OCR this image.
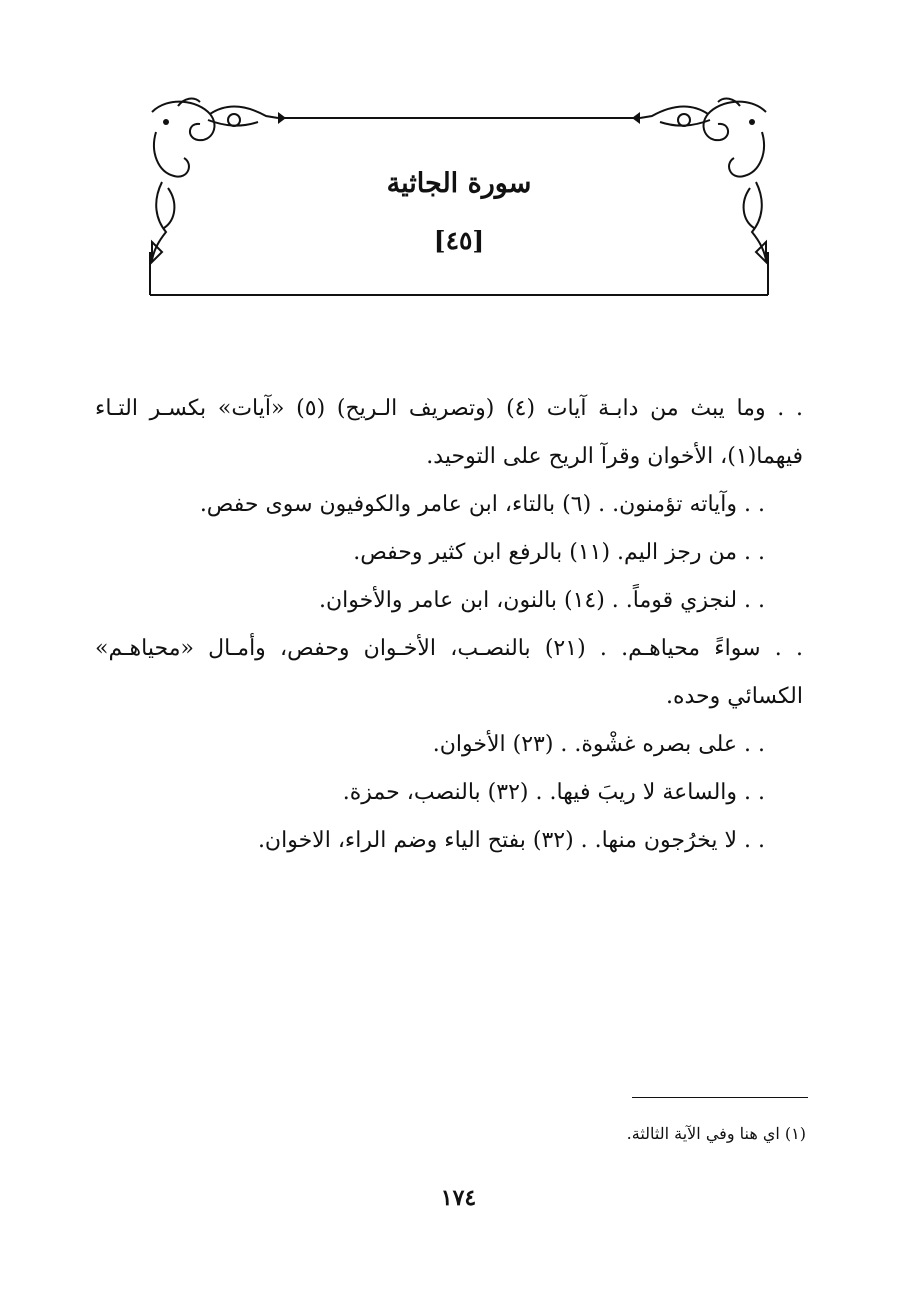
سورة الجاثية
[٤٥]
. . وما يبث من دابـة آيات (٤) (وتصريف الـريح) (٥) «آيات» بكسـر التـاء
فيهما(١)، الأخوان وقرآ الريح على التوحيد.
. . وآياته تؤمنون. . (٦) بالتاء، ابن عامر والكوفيون سوى حفص.
. . من رجز اليم. (١١) بالرفع ابن كثير وحفص.
. . لنجزي قوماً. . (١٤) بالنون، ابن عامر والأخوان.
. . سواءً محياهـم. . (٢١) بالنصـب، الأخـوان وحفص، وأمـال «محياهـم»
الكسائي وحده.
. . على بصره غشْوة. . (٢٣) الأخوان.
. . والساعة لا ريبَ فيها. . (٣٢) بالنصب، حمزة.
. . لا يخرُجون منها. . (٣٢) بفتح الياء وضم الراء، الاخوان.
(١) اي هنا وفي الآية الثالثة.
١٧٤
